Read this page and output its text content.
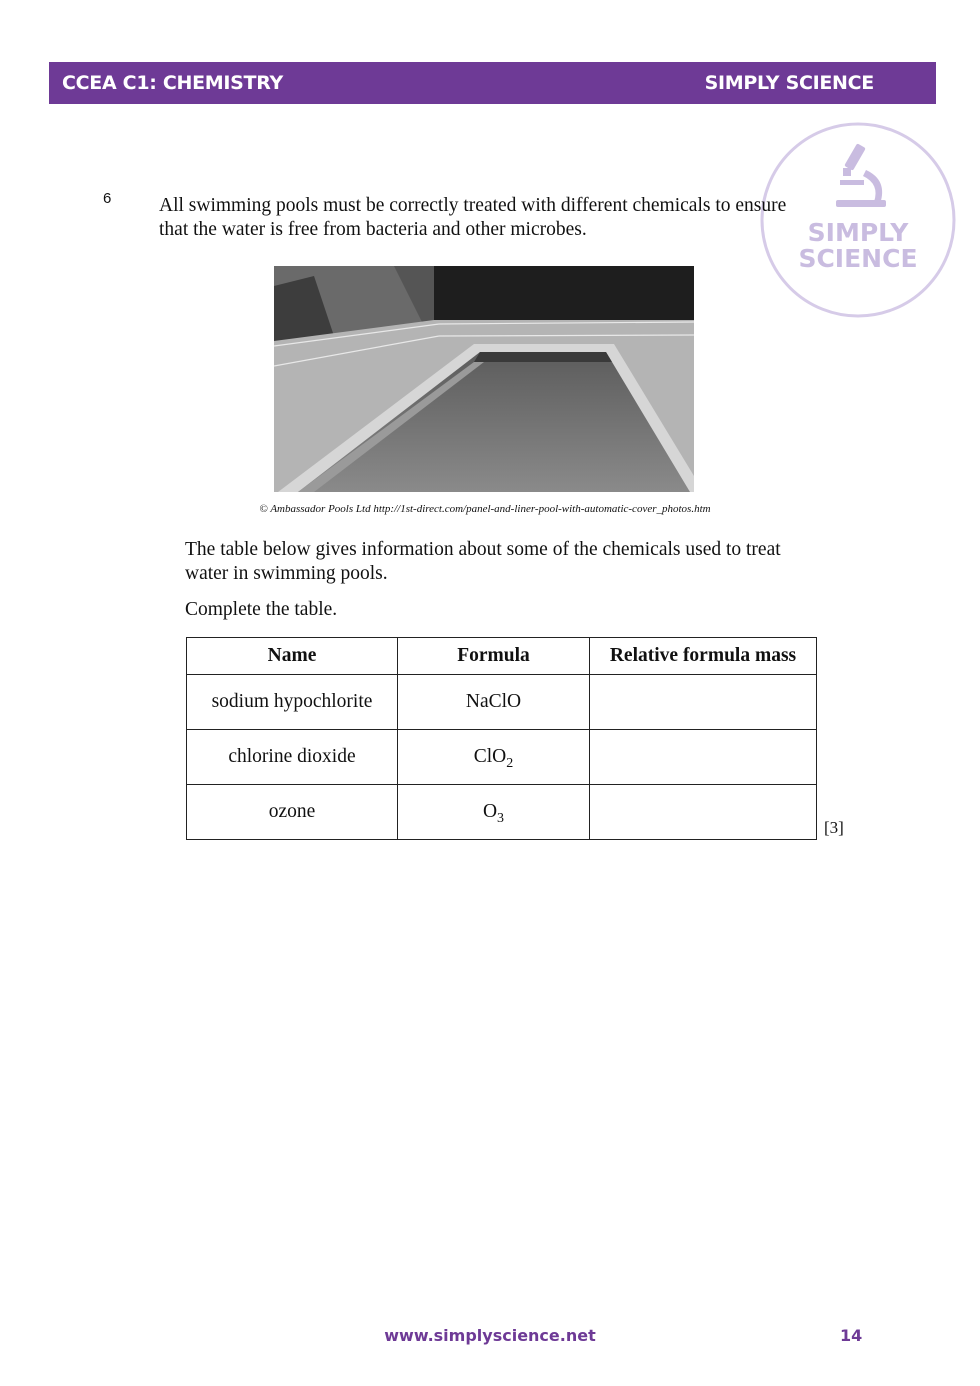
CCEA C1: CHEMISTRY	SIMPLY SCIENCE
SIMPLY
SCIENCE
6 All swimming pools must be correctly treated with different chemicals to ensure that the water is free from bacteria and other microbes.
© Ambassador Pools Ltd http://1st-direct.com/panel-and-liner-pool-with-automatic-cover_photos.htm
The table below gives information about some of the chemicals used to treat water in swimming pools.
Complete the table.
Name	Formula	Relative formula mass
sodium hypochlorite	NaClO	
chlorine dioxide	ClO$_2$	
ozone	$O_3$		[3]
www.simplyscience.net	14
